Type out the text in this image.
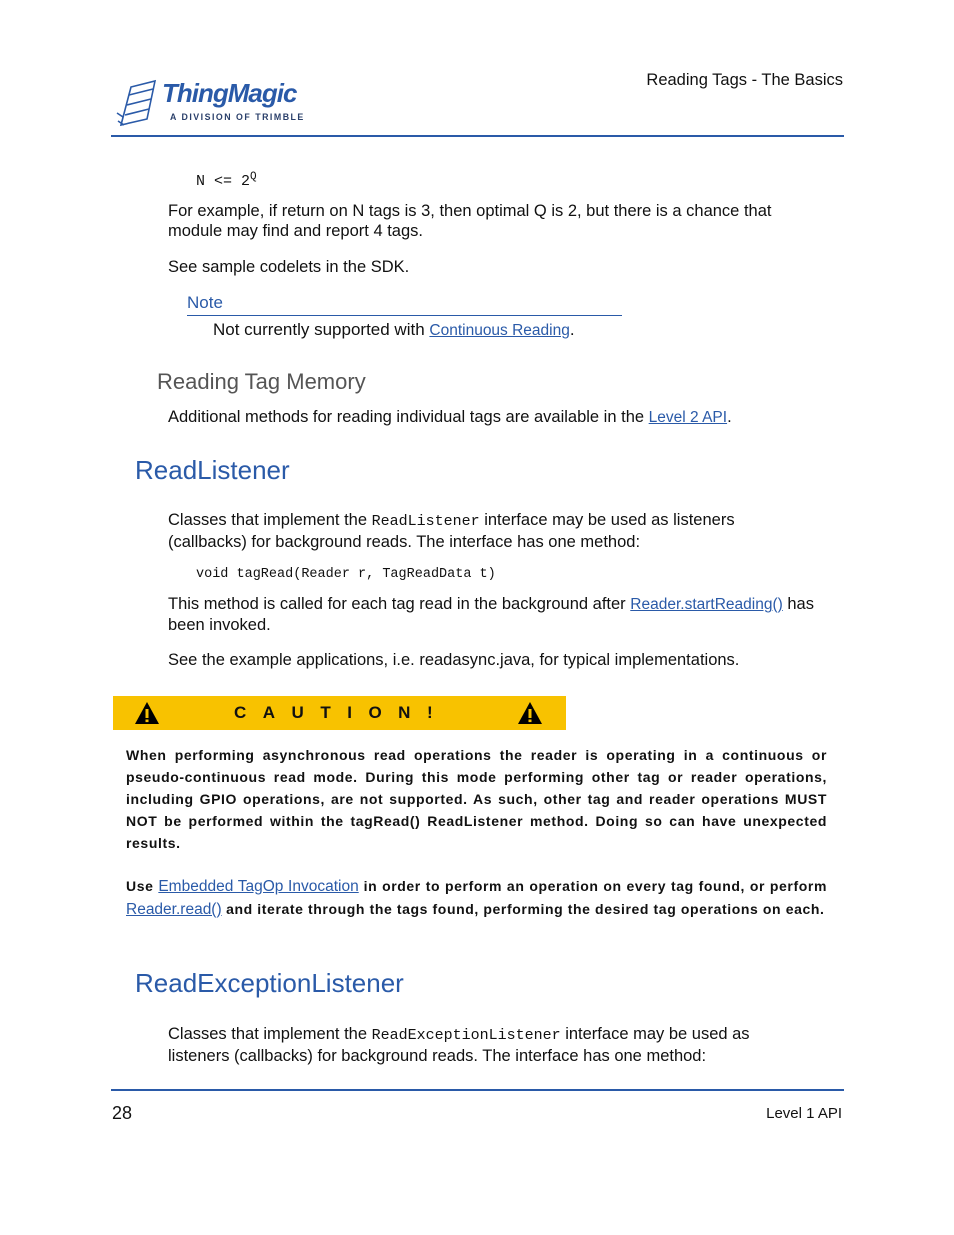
ThingMagic
A DIVISION OF TRIMBLE
Reading Tags - The Basics
$N <= 2^Q$
For example, if return on N tags is 3, then optimal Q is 2, but there is a chance that module may find and report 4 tags.
See sample codelets in the SDK.
Note
Not currently supported with Continuous Reading.
Reading Tag Memory
Additional methods for reading individual tags are available in the Level 2 API.
ReadListener
Classes that implement the ReadListener interface may be used as listeners (callbacks) for background reads. The interface has one method:
void tagRead(Reader r, TagReadData t)
This method is called for each tag read in the background after Reader.startReading() has been invoked.
See the example applications, i.e. readasync.java, for typical implementations.
CAUTION!
When performing asynchronous read operations the reader is operating in a continuous or pseudo-continuous read mode. During this mode performing other tag or reader operations, including GPIO operations, are not supported. As such, other tag and reader operations MUST NOT be performed within the tagRead() ReadListener method. Doing so can have unexpected results.
Use Embedded TagOp Invocation in order to perform an operation on every tag found, or perform Reader.read() and iterate through the tags found, performing the desired tag operations on each.
ReadExceptionListener
Classes that implement the ReadExceptionListener interface may be used as listeners (callbacks) for background reads. The interface has one method:
28	Level 1 API
